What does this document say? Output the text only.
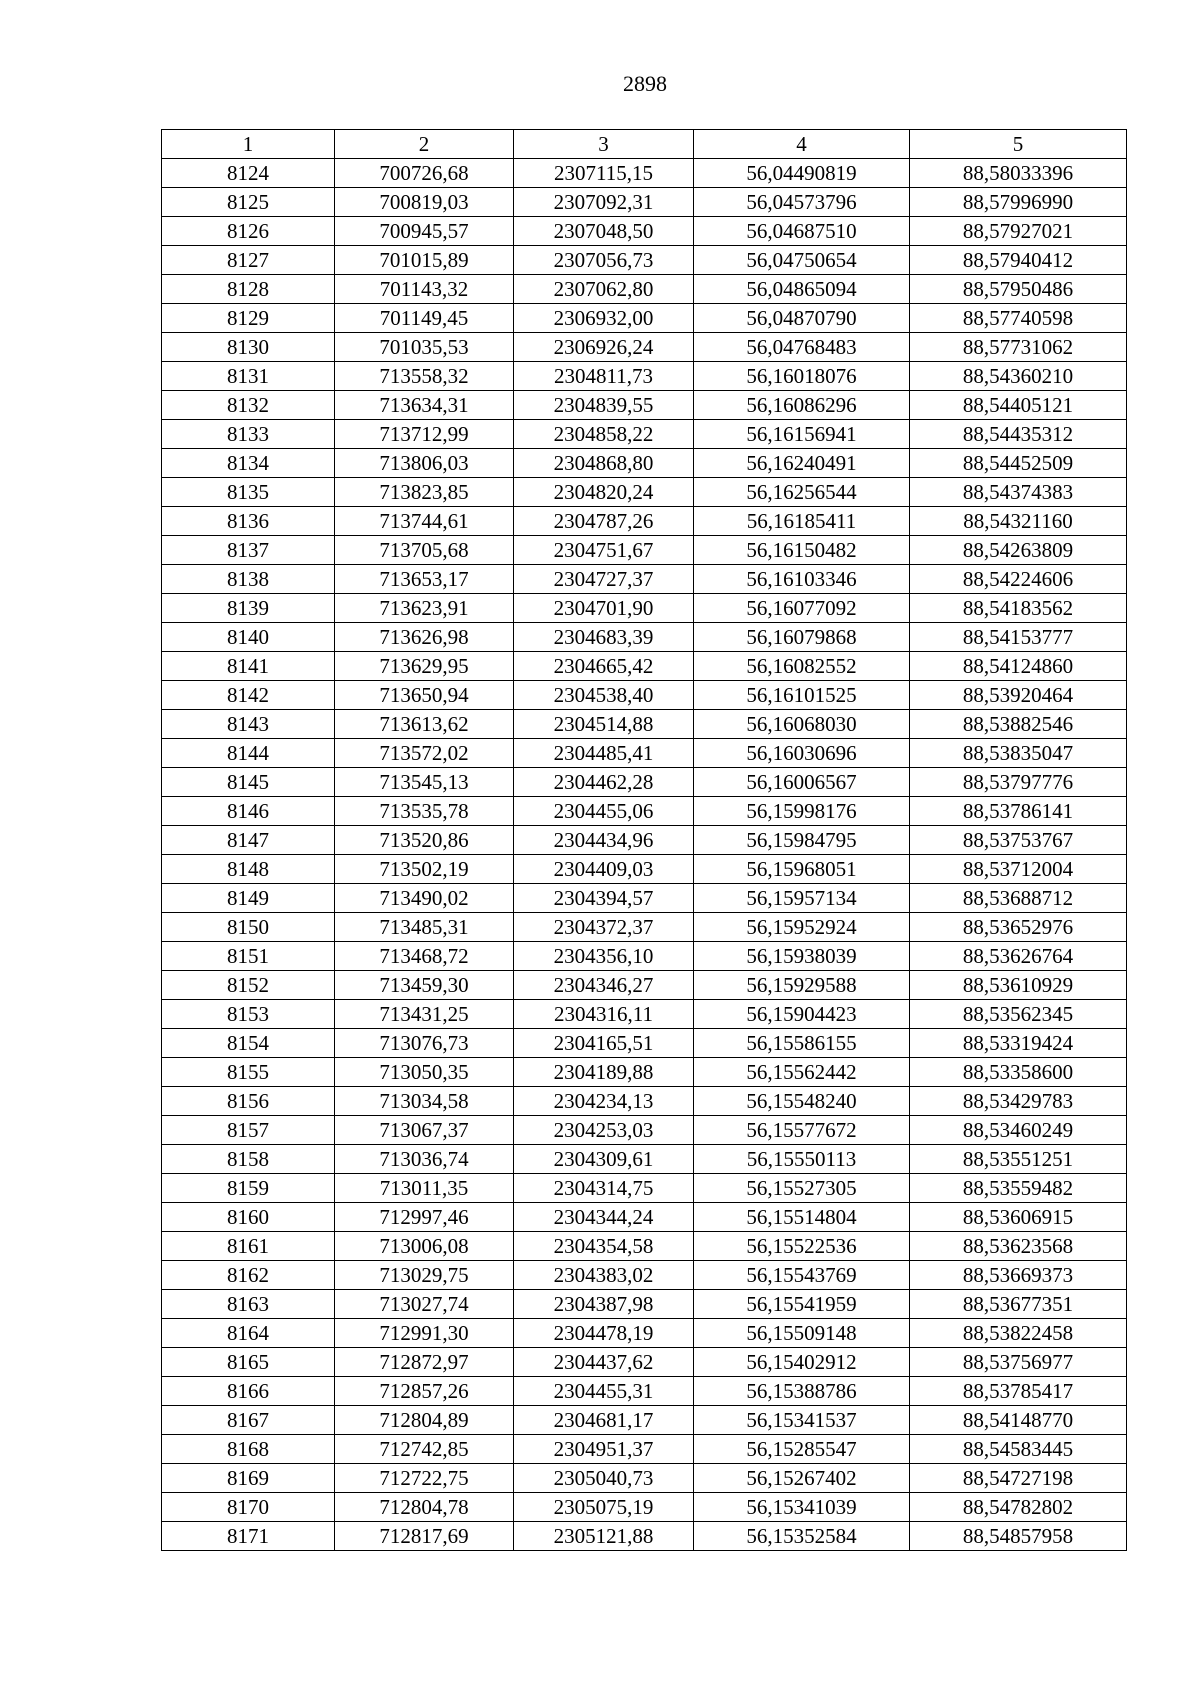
2898
1	2	3	4	5
8124	700726,68	2307115,15	56,04490819	88,58033396
8125	700819,03	2307092,31	56,04573796	88,57996990
8126	700945,57	2307048,50	56,04687510	88,57927021
8127	701015,89	2307056,73	56,04750654	88,57940412
8128	701143,32	2307062,80	56,04865094	88,57950486
8129	701149,45	2306932,00	56,04870790	88,57740598
8130	701035,53	2306926,24	56,04768483	88,57731062
8131	713558,32	2304811,73	56,16018076	88,54360210
8132	713634,31	2304839,55	56,16086296	88,54405121
8133	713712,99	2304858,22	56,16156941	88,54435312
8134	713806,03	2304868,80	56,16240491	88,54452509
8135	713823,85	2304820,24	56,16256544	88,54374383
8136	713744,61	2304787,26	56,16185411	88,54321160
8137	713705,68	2304751,67	56,16150482	88,54263809
8138	713653,17	2304727,37	56,16103346	88,54224606
8139	713623,91	2304701,90	56,16077092	88,54183562
8140	713626,98	2304683,39	56,16079868	88,54153777
8141	713629,95	2304665,42	56,16082552	88,54124860
8142	713650,94	2304538,40	56,16101525	88,53920464
8143	713613,62	2304514,88	56,16068030	88,53882546
8144	713572,02	2304485,41	56,16030696	88,53835047
8145	713545,13	2304462,28	56,16006567	88,53797776
8146	713535,78	2304455,06	56,15998176	88,53786141
8147	713520,86	2304434,96	56,15984795	88,53753767
8148	713502,19	2304409,03	56,15968051	88,53712004
8149	713490,02	2304394,57	56,15957134	88,53688712
8150	713485,31	2304372,37	56,15952924	88,53652976
8151	713468,72	2304356,10	56,15938039	88,53626764
8152	713459,30	2304346,27	56,15929588	88,53610929
8153	713431,25	2304316,11	56,15904423	88,53562345
8154	713076,73	2304165,51	56,15586155	88,53319424
8155	713050,35	2304189,88	56,15562442	88,53358600
8156	713034,58	2304234,13	56,15548240	88,53429783
8157	713067,37	2304253,03	56,15577672	88,53460249
8158	713036,74	2304309,61	56,15550113	88,53551251
8159	713011,35	2304314,75	56,15527305	88,53559482
8160	712997,46	2304344,24	56,15514804	88,53606915
8161	713006,08	2304354,58	56,15522536	88,53623568
8162	713029,75	2304383,02	56,15543769	88,53669373
8163	713027,74	2304387,98	56,15541959	88,53677351
8164	712991,30	2304478,19	56,15509148	88,53822458
8165	712872,97	2304437,62	56,15402912	88,53756977
8166	712857,26	2304455,31	56,15388786	88,53785417
8167	712804,89	2304681,17	56,15341537	88,54148770
8168	712742,85	2304951,37	56,15285547	88,54583445
8169	712722,75	2305040,73	56,15267402	88,54727198
8170	712804,78	2305075,19	56,15341039	88,54782802
8171	712817,69	2305121,88	56,15352584	88,54857958
